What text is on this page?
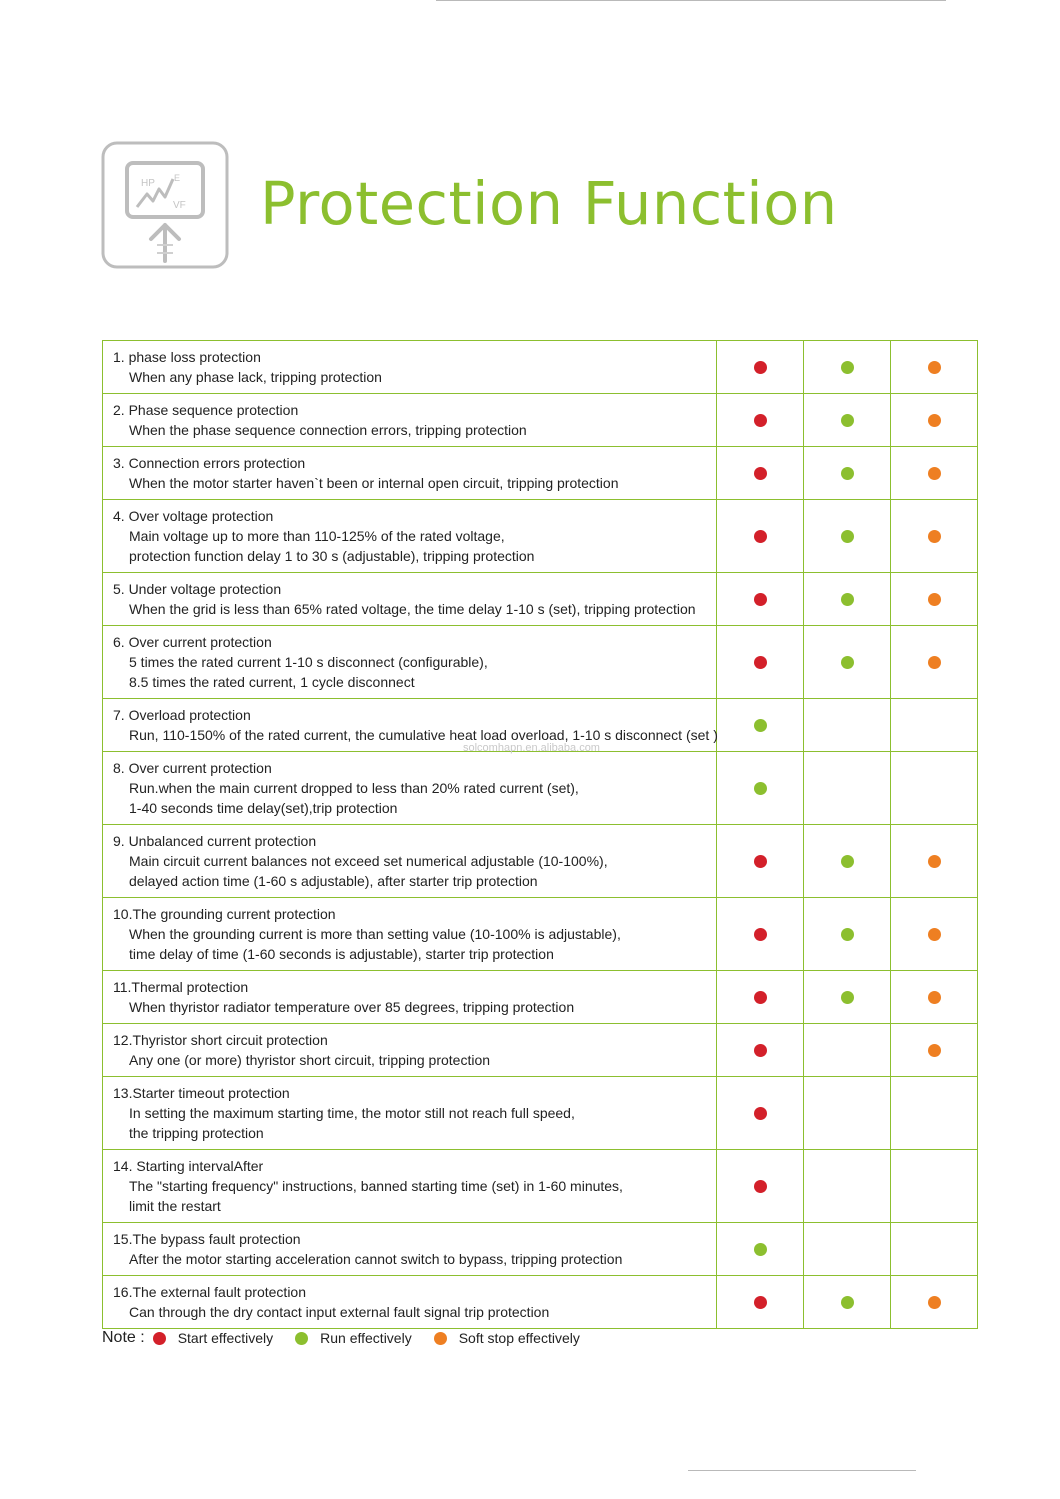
HP E
VF Protection Function
1. phase loss protection
When any phase lack, tripping protection
2. Phase sequence protection
When the phase sequence connection errors, tripping protection
3. Connection errors protection
When the motor starter haven`t been or internal open circuit, tripping protection
4. Over voltage protection
Main voltage up to more than 110-125% of the rated voltage,
protection function delay 1 to 30 s (adjustable), tripping protection
5. Under voltage protection
When the grid is less than 65% rated voltage, the time delay 1-10 s (set), tripping protection
6. Over current protection
5 times the rated current 1-10 s disconnect (configurable),
8.5 times the rated current, 1 cycle disconnect
7. Overload protection
Run, 110-150% of the rated current, the cumulative heat load overload, 1-10 s disconnect (set )
8. Over current protection
Run.when the main current dropped to less than 20% rated current (set),
1-40 seconds time delay(set),trip protection
9. Unbalanced current protection
Main circuit current balances not exceed set numerical adjustable (10-100%),
delayed action time (1-60 s adjustable), after starter trip protection
10.The grounding current protection
When the grounding current is more than setting value (10-100% is adjustable),
time delay of time (1-60 seconds is adjustable), starter trip protection
11.Thermal protection
When thyristor radiator temperature over 85 degrees, tripping protection
12.Thyristor short circuit protection
Any one (or more) thyristor short circuit, tripping protection
13.Starter timeout protection
In setting the maximum starting time, the motor still not reach full speed,
the tripping protection
14. Starting intervalAfter
The "starting frequency" instructions, banned starting time (set) in 1-60 minutes,
limit the restart
15.The bypass fault protection
After the motor starting acceleration cannot switch to bypass, tripping protection
16.The external fault protection
Can through the dry contact input external fault signal trip protection
solcomhapn.en.alibaba.com
Note : Start effectively	Run effectively	Soft stop effectively
